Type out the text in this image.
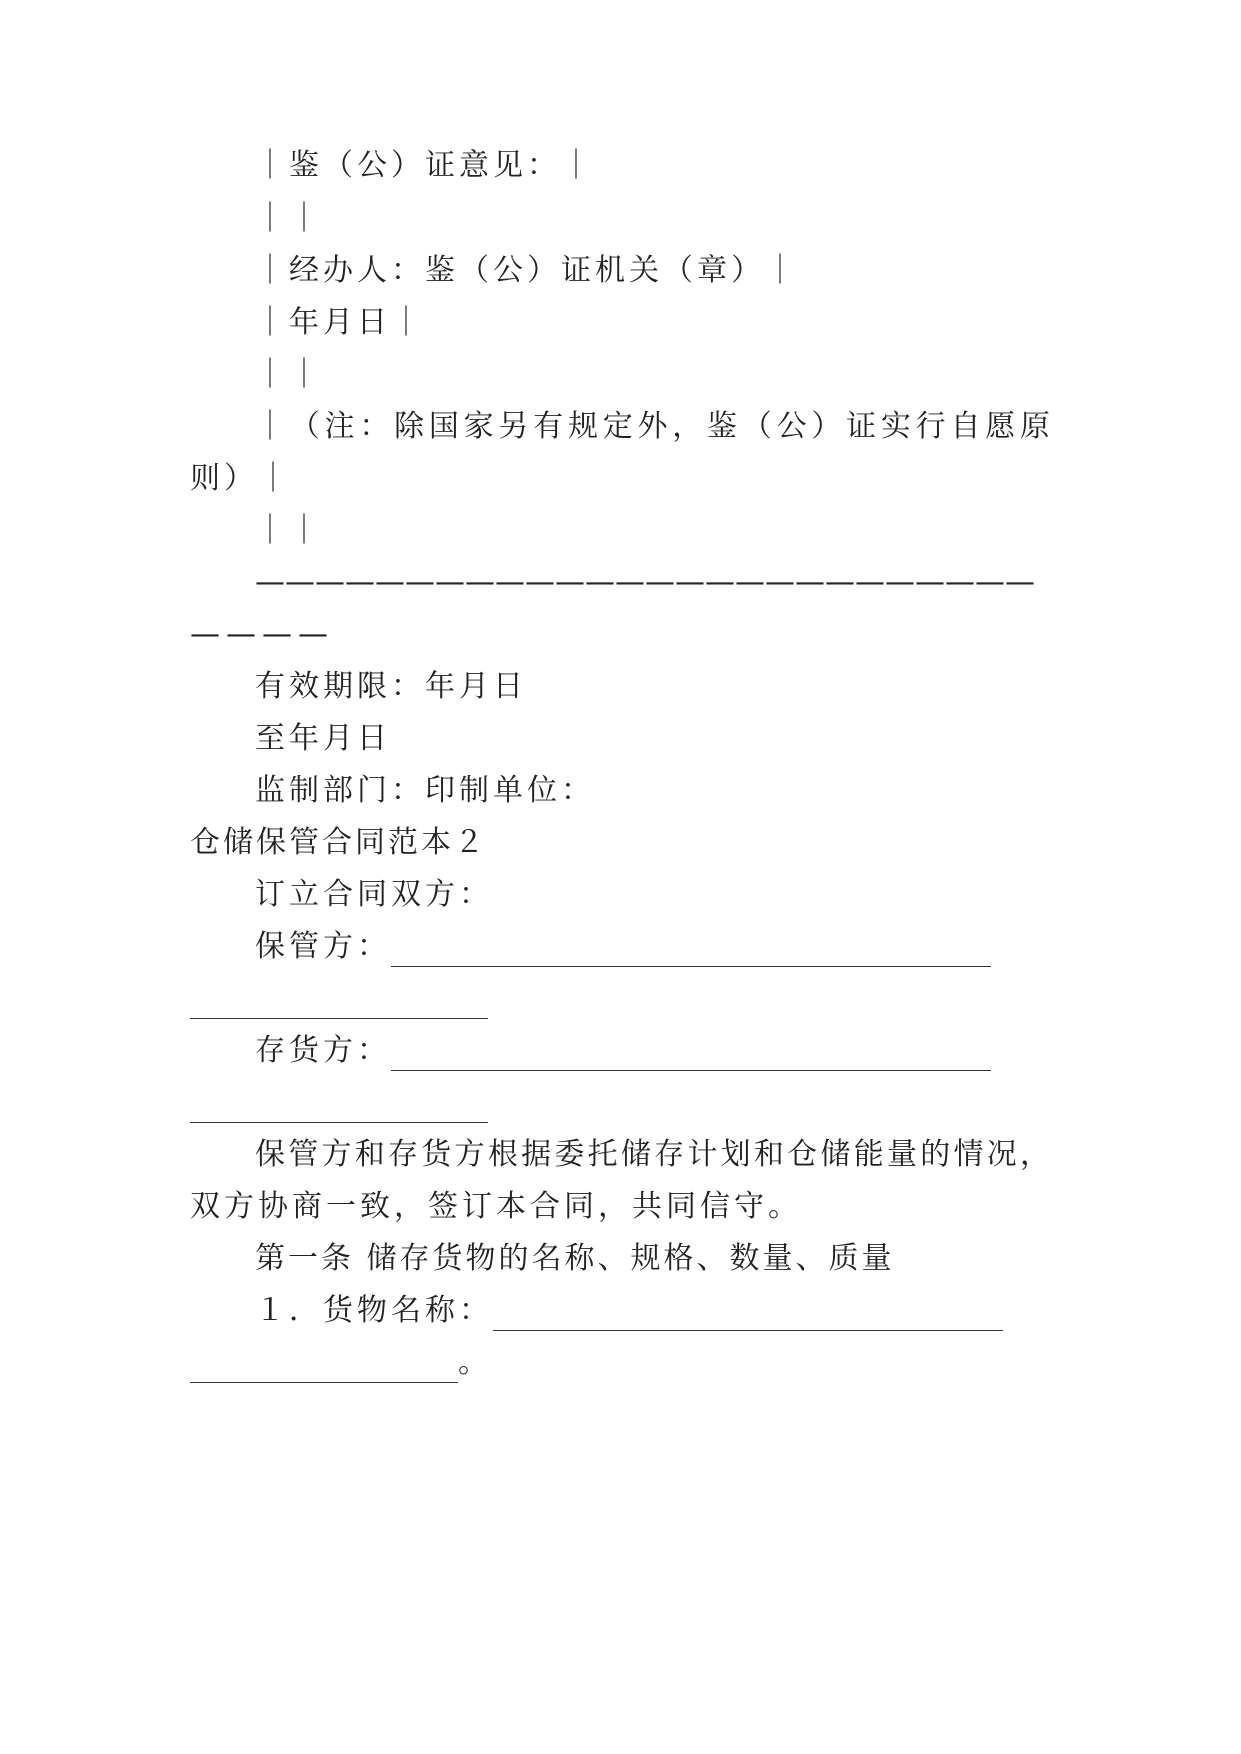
｜鉴（公）证意见：｜
｜｜
｜经办人：鉴（公）证机关（章）｜
｜年月日｜
｜｜
｜（注：除国家另有规定外，鉴（公）证实行自愿原
则）｜
｜｜
——————————————————————————
————
有效期限：年月日
至年月日
监制部门：印制单位：
仓储保管合同范本２
订立合同双方：
保管方：
存货方：
保管方和存货方根据委托储存计划和仓储能量的情况，
双方协商一致，签订本合同，共同信守。
第一条 储存货物的名称、规格、数量、质量
１．货物名称：
。
